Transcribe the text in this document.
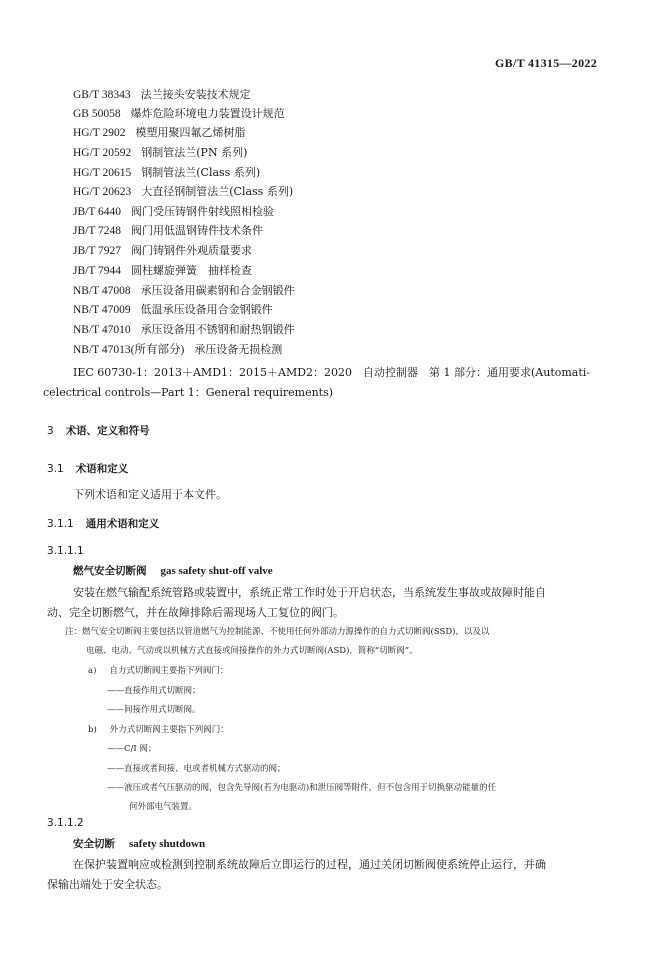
GB/T 41315—2022
GB/T 38343 法兰接头安装技术规定
GB 50058 爆炸危险环境电力装置设计规范
HG/T 2902 模塑用聚四氟乙烯树脂
HG/T 20592 钢制管法兰(PN 系列)
HG/T 20615 钢制管法兰(Class 系列)
HG/T 20623 大直径钢制管法兰(Class 系列)
JB/T 6440 阀门受压铸钢件射线照相检验
JB/T 7248 阀门用低温钢铸件技术条件
JB/T 7927 阀门铸钢件外观质量要求
JB/T 7944 圆柱螺旋弹簧　抽样检查
NB/T 47008 承压设备用碳素钢和合金钢锻件
NB/T 47009 低温承压设备用合金钢锻件
NB/T 47010 承压设备用不锈钢和耐热钢锻件
NB/T 47013(所有部分) 承压设备无损检测
IEC 60730-1：2013＋AMD1：2015＋AMD2：2020　自动控制器　第 1 部分：通用要求(Automati-
celectrical controls—Part 1：General requirements)
3 术语、定义和符号
3.1 术语和定义
下列术语和定义适用于本文件。
3.1.1 通用术语和定义
3.1.1.1
燃气安全切断阀 gas safety shut-off valve
安装在燃气输配系统管路或装置中，系统正常工作时处于开启状态，当系统发生事故或故障时能自
动、完全切断燃气，并在故障排除后需现场人工复位的阀门。
注：燃气安全切断阀主要包括以管道燃气为控制能源、不使用任何外部动力源操作的自力式切断阀(SSD)，以及以
电磁、电动、气动或以机械方式直接或间接操作的外力式切断阀(ASD)，简称“切断阀”。
a) 自力式切断阀主要指下列阀门：
——直接作用式切断阀；
——间接作用式切断阀。
b) 外力式切断阀主要指下列阀门：
——C/I 阀；
——直接或者间接、电或者机械方式驱动的阀；
——液压或者气压驱动的阀，包含先导阀(若为电驱动)和泄压阀等附件，但不包含用于切换驱动能量的任
何外部电气装置。
3.1.1.2
安全切断 safety shutdown
在保护装置响应或检测到控制系统故障后立即运行的过程，通过关闭切断阀使系统停止运行，并确
保输出端处于安全状态。
